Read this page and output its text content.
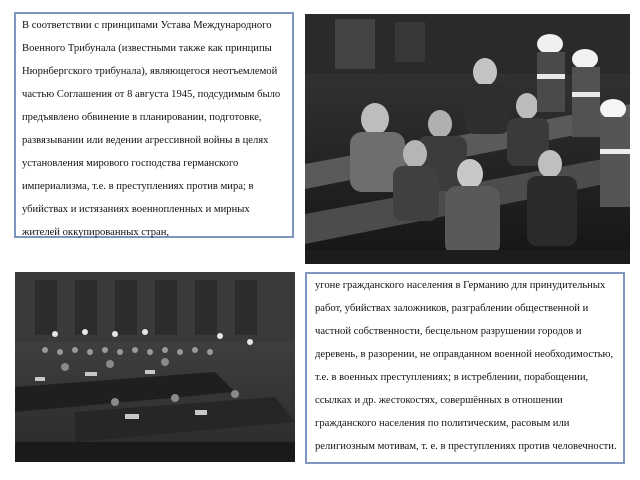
В соответствии с принципами Устава Международного Военного Трибунала (известными также как принципы Нюрнбергского трибунала), являющегося неотъемлемой частью Соглашения от 8 августа 1945, подсудимым было предъявлено обвинение в планировании, подготовке, развязывании или ведении агрессивной войны в целях установления мирового господства германского империализма, т.е. в преступлениях против мира; в убийствах и истязаниях военнопленных и мирных жителей оккупированных стран,
угоне гражданского населения в Германию для принудительных работ, убийствах заложников, разграблении общественной и частной собственности, бесцельном разрушении городов и деревень, в разорении, не оправданном военной необходимостью, т.е. в военных преступлениях; в истреблении, порабощении, ссылках и др. жестокостях, совершённых в отношении гражданского населения по политическим, расовым или религиозным мотивам, т. е. в преступлениях против человечности.
